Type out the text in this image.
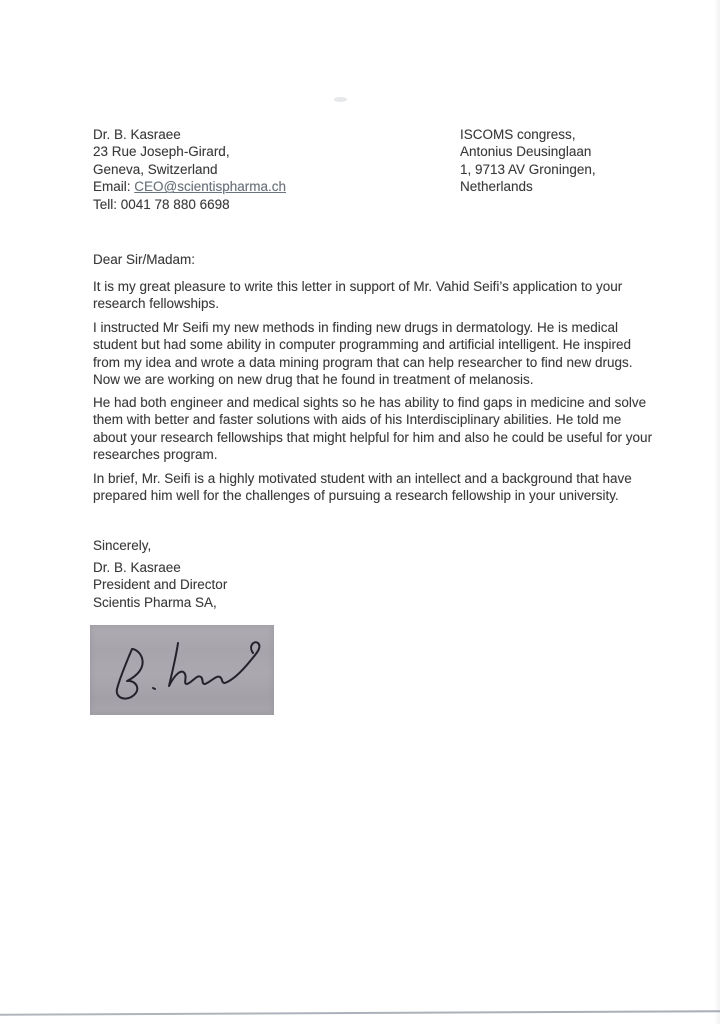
Dr. B. Kasraee
23 Rue Joseph-Girard,
Geneva, Switzerland
Email: CEO@scientispharma.ch
Tell: 0041 78 880 6698
ISCOMS congress,
Antonius Deusinglaan
1, 9713 AV Groningen,
Netherlands
Dear Sir/Madam:
It is my great pleasure to write this letter in support of Mr. Vahid Seifi’s application to your
research fellowships.
I instructed Mr Seifi my new methods in finding new drugs in dermatology. He is medical
student but had some ability in computer programming and artificial intelligent. He inspired
from my idea and wrote a data mining program that can help researcher to find new drugs.
Now we are working on new drug that he found in treatment of melanosis.
He had both engineer and medical sights so he has ability to find gaps in medicine and solve
them with better and faster solutions with aids of his Interdisciplinary abilities. He told me
about your research fellowships that might helpful for him and also he could be useful for your
researches program.
In brief, Mr. Seifi is a highly motivated student with an intellect and a background that have
prepared him well for the challenges of pursuing a research fellowship in your university.
Sincerely,
Dr. B. Kasraee
President and Director
Scientis Pharma SA,
